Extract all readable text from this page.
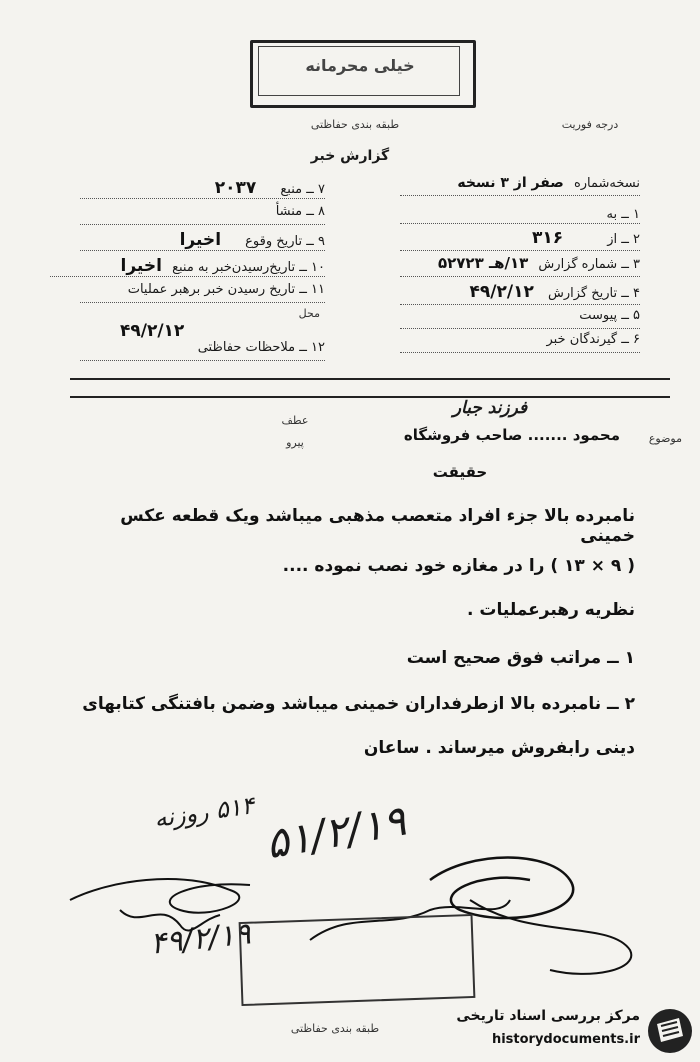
خیلی محرمانه
طبقه بندی حفاظتی	درجه فوریت
گزارش خبر
نسخه‌شماره صفر از ۳ نسخه
۱ ــ به
۲ ــ از ۳۱۶
۳ ــ شماره گزارش ۱۳/هـ ۵۲۷۲۳
۴ ــ تاریخ گزارش ۴۹/۲/۱۲
۵ ــ پیوست
۶ ــ گیرندگان خبر
۷ ــ منبع ۲۰۳۷
۸ ــ منشأ
۹ ــ تاریخ وقوع اخیرا
۱۰ ــ تاریخ‌رسیدن‌خبر به منبع اخیرا
۱۱ ــ تاریخ رسیدن خبر برهبر عملیات
محل
۴۹/۲/۱۲
۱۲ ــ ملاحظات حفاظتی
فرزند جبار
محمود ....... صاحب فروشگاه	موضوع
عطف
پیرو
حقیقت
نامبرده بالا جزء افراد متعصب مذهبی میباشد ویک قطعه عکس خمینی
( ۹ × ۱۳ ) را در مغازه خود نصب نموده ....
نظریه رهبرعملیات .
۱ ــ مراتب فوق صحیح است
۲ ــ نامبرده بالا ازطرفداران خمینی میباشد وضمن بافتنگی کتابهای
دینی رابفروش میرساند . ساعان
۵۱۴ روزنه ۵۱/۲/۱۹
۴۹/۲/۱۹
طبقه بندی حفاظتی
مرکز بررسی اسناد تاریخی
historydocuments.ir
